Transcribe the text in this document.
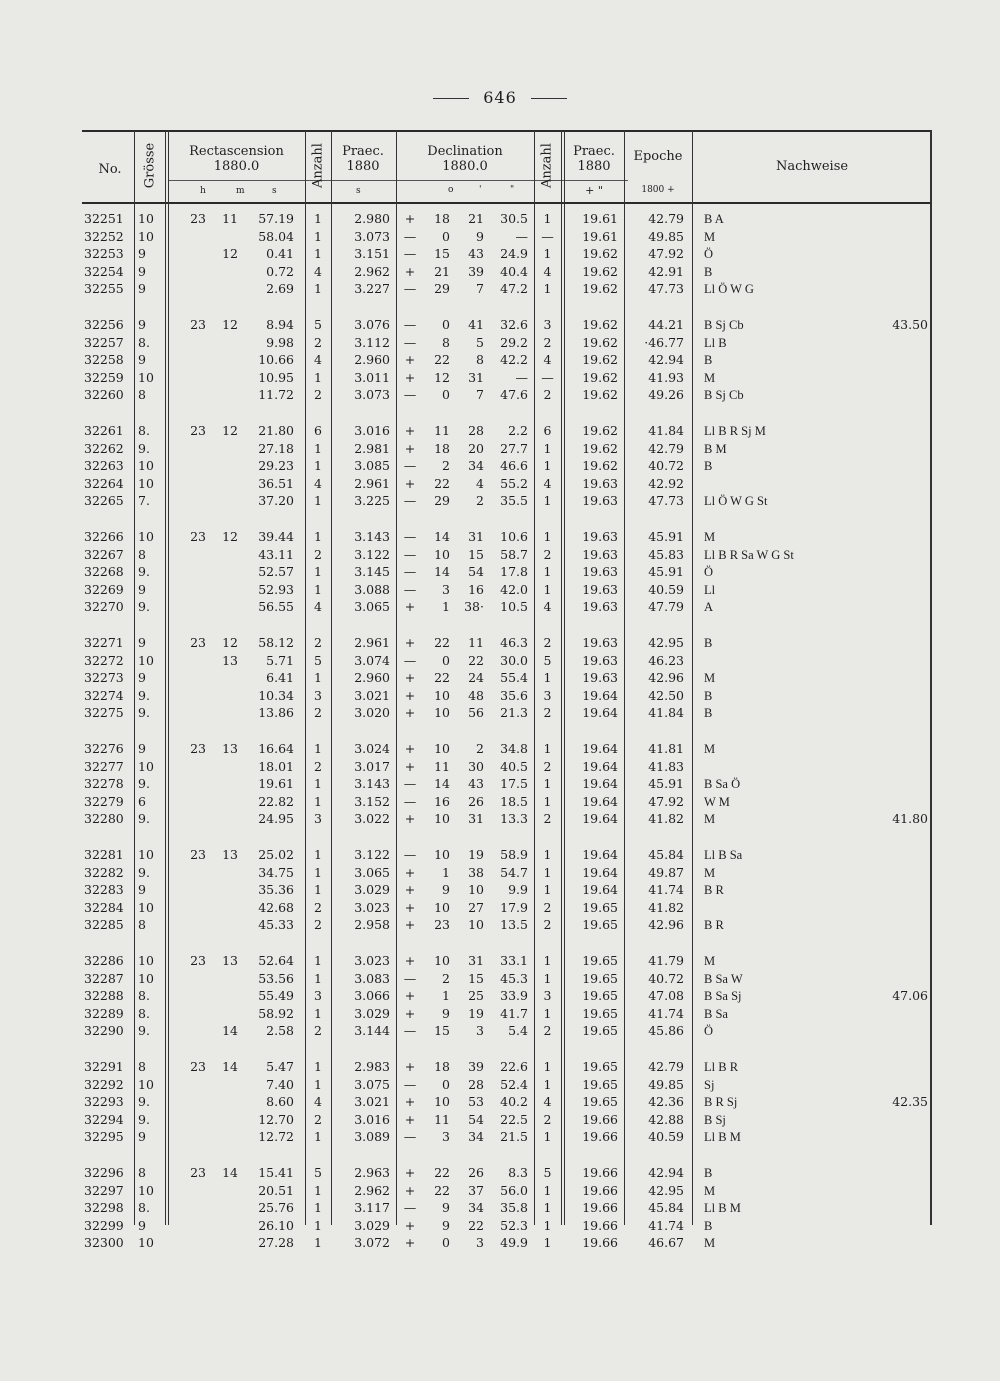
646
No.	Grösse	Rectascension
1880.0
h	m	s
Anzahl	Praec.
1880
s
Declination
1880.0
o	'	"
Anzahl	Praec.
1880
+ "
Epoche
1800 +
Nachweise
32251	10	23	11	57.19	1	2.980	+	18	21	30.5	1	19.61	42.79 B A
32252	10	58.04	1	3.073	—	0	9	—	—	19.61	49.85 M
32253	9	12	0.41	1	3.151	—	15	43	24.9	1	19.62	47.92 Ö
32254	9	0.72	4	2.962	+	21	39	40.4	4	19.62	42.91 B
32255	9	2.69	1	3.227	—	29	7	47.2	1	19.62	47.73 Ll Ö W G
32256	9	23	12	8.94	5	3.076	—	0	41	32.6	3	19.62	44.21 B Sj Cb	43.50
32257	8.	9.98	2	3.112	—	8	5	29.2	2	19.62	·46.77 Ll B
32258	9	10.66	4	2.960	+	22	8	42.2	4	19.62	42.94 B
32259	10	10.95	1	3.011	+	12	31	—	—	19.62	41.93 M
32260	8	11.72	2	3.073	—	0	7	47.6	2	19.62	49.26 B Sj Cb
32261	8.	23	12	21.80	6	3.016	+	11	28	2.2	6	19.62	41.84 Ll B R Sj M
32262	9.	27.18	1	2.981	+	18	20	27.7	1	19.62	42.79 B M
32263	10	29.23	1	3.085	—	2	34	46.6	1	19.62	40.72 B
32264	10	36.51	4	2.961	+	22	4	55.2	4	19.63	42.92
32265	7.	37.20	1	3.225	—	29	2	35.5	1	19.63	47.73 Ll Ö W G St
32266	10	23	12	39.44	1	3.143	—	14	31	10.6	1	19.63	45.91 M
32267	8	43.11	2	3.122	—	10	15	58.7	2	19.63	45.83 Ll B R Sa W G St
32268	9.	52.57	1	3.145	—	14	54	17.8	1	19.63	45.91 Ö
32269	9	52.93	1	3.088	—	3	16	42.0	1	19.63	40.59 Ll
32270	9.	56.55	4	3.065	+	1	38·	10.5	4	19.63	47.79 A
32271	9	23	12	58.12	2	2.961	+	22	11	46.3	2	19.63	42.95 B
32272	10	13	5.71	5	3.074	—	0	22	30.0	5	19.63	46.23
32273	9	6.41	1	2.960	+	22	24	55.4	1	19.63	42.96 M
32274	9.	10.34	3	3.021	+	10	48	35.6	3	19.64	42.50 B
32275	9.	13.86	2	3.020	+	10	56	21.3	2	19.64	41.84 B
32276	9	23	13	16.64	1	3.024	+	10	2	34.8	1	19.64	41.81 M
32277	10	18.01	2	3.017	+	11	30	40.5	2	19.64	41.83
32278	9.	19.61	1	3.143	—	14	43	17.5	1	19.64	45.91 B Sa Ö
32279	6	22.82	1	3.152	—	16	26	18.5	1	19.64	47.92 W M
32280	9.	24.95	3	3.022	+	10	31	13.3	2	19.64	41.82 M	41.80
32281	10	23	13	25.02	1	3.122	—	10	19	58.9	1	19.64	45.84 Ll B Sa
32282	9.	34.75	1	3.065	+	1	38	54.7	1	19.64	49.87 M
32283	9	35.36	1	3.029	+	9	10	9.9	1	19.64	41.74 B R
32284	10	42.68	2	3.023	+	10	27	17.9	2	19.65	41.82
32285	8	45.33	2	2.958	+	23	10	13.5	2	19.65	42.96 B R
32286	10	23	13	52.64	1	3.023	+	10	31	33.1	1	19.65	41.79 M
32287	10	53.56	1	3.083	—	2	15	45.3	1	19.65	40.72 B Sa W
32288	8.	55.49	3	3.066	+	1	25	33.9	3	19.65	47.08 B Sa Sj	47.06
32289	8.	58.92	1	3.029	+	9	19	41.7	1	19.65	41.74 B Sa
32290	9.	14	2.58	2	3.144	—	15	3	5.4	2	19.65	45.86 Ö
32291	8	23	14	5.47	1	2.983	+	18	39	22.6	1	19.65	42.79 Ll B R
32292	10	7.40	1	3.075	—	0	28	52.4	1	19.65	49.85 Sj
32293	9.	8.60	4	3.021	+	10	53	40.2	4	19.65	42.36 B R Sj	42.35
32294	9.	12.70	2	3.016	+	11	54	22.5	2	19.66	42.88 B Sj
32295	9	12.72	1	3.089	—	3	34	21.5	1	19.66	40.59 Ll B M
32296	8	23	14	15.41	5	2.963	+	22	26	8.3	5	19.66	42.94 B
32297	10	20.51	1	2.962	+	22	37	56.0	1	19.66	42.95 M
32298	8.	25.76	1	3.117	—	9	34	35.8	1	19.66	45.84 Ll B M
32299	9	26.10	1	3.029	+	9	22	52.3	1	19.66	41.74 B
32300	10	27.28	1	3.072	+	0	3	49.9	1	19.66	46.67 M
